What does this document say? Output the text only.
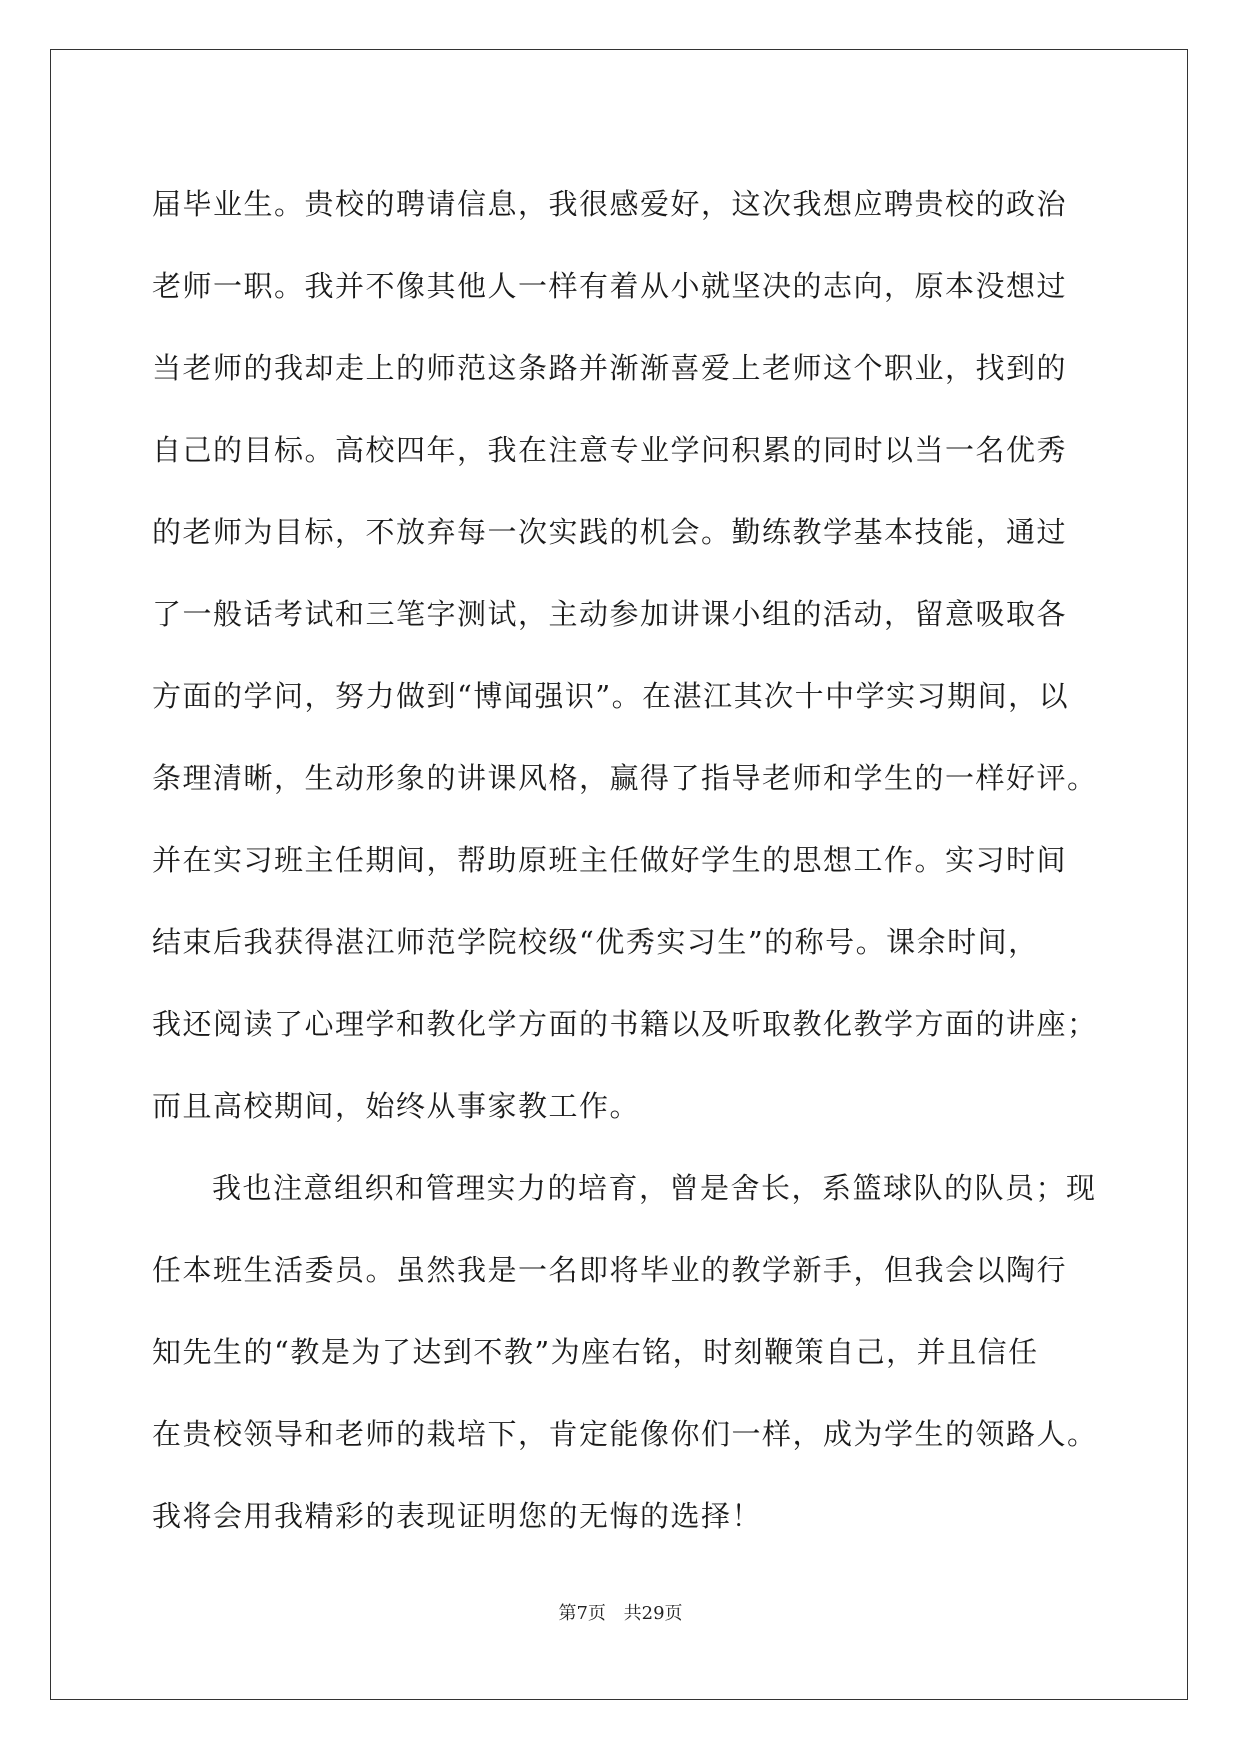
届毕业生。贵校的聘请信息，我很感爱好，这次我想应聘贵校的政治
老师一职。我并不像其他人一样有着从小就坚决的志向，原本没想过
当老师的我却走上的师范这条路并渐渐喜爱上老师这个职业，找到的
自己的目标。高校四年，我在注意专业学问积累的同时以当一名优秀
的老师为目标，不放弃每一次实践的机会。勤练教学基本技能，通过
了一般话考试和三笔字测试，主动参加讲课小组的活动，留意吸取各
方面的学问，努力做到“博闻强识”。在湛江其次十中学实习期间，以
条理清晰，生动形象的讲课风格，赢得了指导老师和学生的一样好评。
并在实习班主任期间，帮助原班主任做好学生的思想工作。实习时间
结束后我获得湛江师范学院校级“优秀实习生”的称号。课余时间，
我还阅读了心理学和教化学方面的书籍以及听取教化教学方面的讲座；
而且高校期间，始终从事家教工作。
我也注意组织和管理实力的培育，曾是舍长，系篮球队的队员；现
任本班生活委员。虽然我是一名即将毕业的教学新手，但我会以陶行
知先生的“教是为了达到不教”为座右铭，时刻鞭策自己，并且信任
在贵校领导和老师的栽培下，肯定能像你们一样，成为学生的领路人。
我将会用我精彩的表现证明您的无悔的选择！
第7页 共29页
